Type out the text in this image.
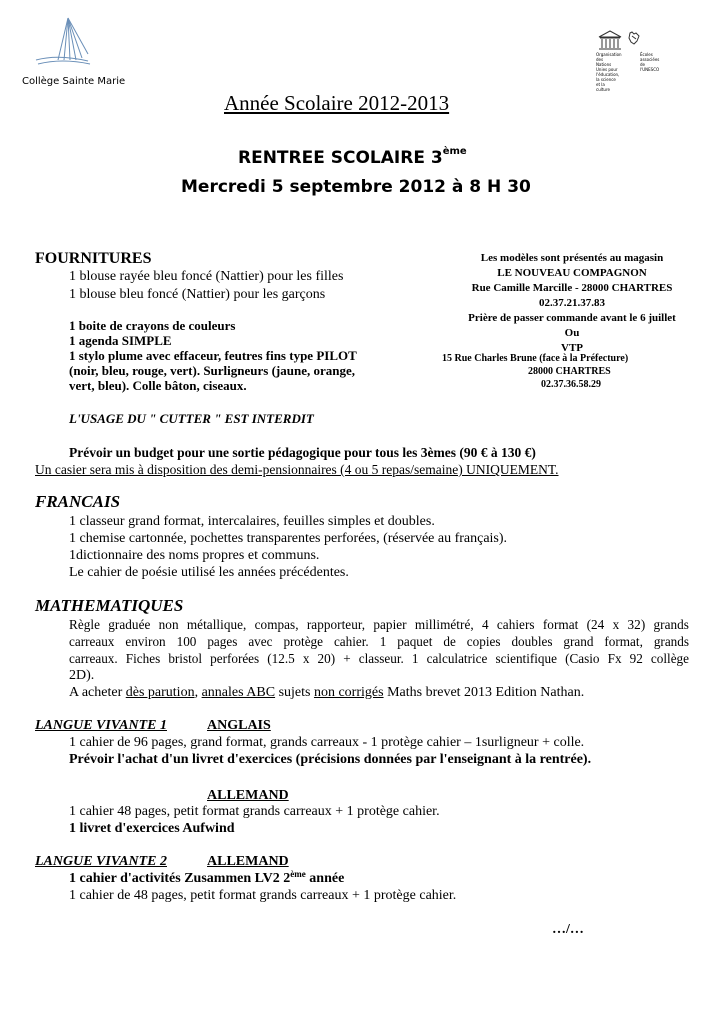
Collège Sainte Marie
Organisation des Nations Unies pour l'éducation, la science et la culture
Écoles associées de l'UNESCO
Année Scolaire 2012-2013
RENTREE SCOLAIRE 3ème
Mercredi 5 septembre 2012 à 8 H 30
FOURNITURES
1 blouse rayée bleu foncé (Nattier) pour les filles
1 blouse bleu foncé (Nattier) pour les garçons
1 boite de crayons de couleurs
1 agenda SIMPLE
1 stylo plume avec effaceur, feutres fins type PILOT
(noir, bleu, rouge, vert). Surligneurs (jaune, orange,
vert, bleu). Colle bâton, ciseaux.
L'USAGE DU " CUTTER " EST INTERDIT
Les modèles sont présentés au magasin
LE NOUVEAU COMPAGNON
Rue Camille Marcille - 28000 CHARTRES
02.37.21.37.83
Prière de passer commande avant le 6 juillet
Ou
VTP
15 Rue Charles Brune (face à la Préfecture)
28000 CHARTRES
02.37.36.58.29
Prévoir un budget pour une sortie pédagogique pour tous les 3èmes (90 € à 130 €)
Un casier sera mis à disposition des demi-pensionnaires (4 ou 5 repas/semaine) UNIQUEMENT.
FRANCAIS
1 classeur grand format, intercalaires, feuilles simples et doubles.
1 chemise cartonnée, pochettes transparentes perforées, (réservée au français).
1dictionnaire des noms propres et communs.
Le cahier de poésie utilisé les années précédentes.
MATHEMATIQUES
Règle graduée non métallique, compas, rapporteur, papier millimétré, 4 cahiers format (24 x 32) grands
carreaux environ 100 pages avec protège cahier. 1 paquet de copies doubles grand format, grands
carreaux. Fiches bristol perforées (12.5 x 20) + classeur. 1 calculatrice scientifique (Casio Fx 92 collège
2D).
A acheter dès parution, annales ABC sujets non corrigés Maths brevet 2013 Edition Nathan.
LANGUE VIVANTE 1	ANGLAIS
1 cahier de 96 pages, grand format, grands carreaux - 1 protège cahier – 1surligneur + colle.
Prévoir l'achat d'un livret d'exercices (précisions données par l'enseignant à la rentrée).
ALLEMAND
1 cahier 48 pages, petit format grands carreaux + 1 protège cahier.
1 livret d'exercices Aufwind
LANGUE VIVANTE 2	ALLEMAND
1 cahier d'activités Zusammen LV2 2ème année
1 cahier de 48 pages, petit format grands carreaux + 1 protège cahier.
…/…
